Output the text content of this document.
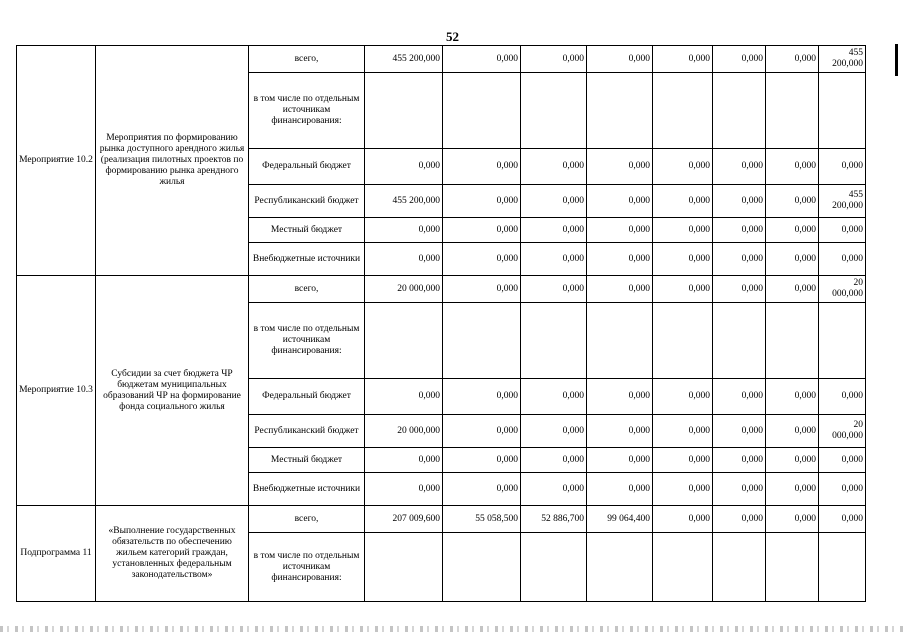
52
Мероприятие 10.2	Мероприятия по формированию рынка доступного арендного жилья (реализация пилотных проектов по формированию рынка арендного жилья	всего,	455 200,000	0,000	0,000	0,000	0,000	0,000	0,000	455 200,000
		в том числе по отдельным источникам финансирования:								
		Федеральный бюджет	0,000	0,000	0,000	0,000	0,000	0,000	0,000	0,000
		Республиканский бюджет	455 200,000	0,000	0,000	0,000	0,000	0,000	0,000	455 200,000
		Местный бюджет	0,000	0,000	0,000	0,000	0,000	0,000	0,000	0,000
		Внебюджетные источники	0,000	0,000	0,000	0,000	0,000	0,000	0,000	0,000
Мероприятие 10.3	Субсидии за счет бюджета ЧР бюджетам муниципальных образований ЧР на формирование фонда социального жилья	всего,	20 000,000	0,000	0,000	0,000	0,000	0,000	0,000	20 000,000
		в том числе по отдельным источникам финансирования:								
		Федеральный бюджет	0,000	0,000	0,000	0,000	0,000	0,000	0,000	0,000
		Республиканский бюджет	20 000,000	0,000	0,000	0,000	0,000	0,000	0,000	20 000,000
		Местный бюджет	0,000	0,000	0,000	0,000	0,000	0,000	0,000	0,000
		Внебюджетные источники	0,000	0,000	0,000	0,000	0,000	0,000	0,000	0,000
Подпрограмма 11	«Выполнение государственных обязательств по обеспечению жильем категорий граждан, установленных федеральным законодательством»	всего,	207 009,600	55 058,500	52 886,700	99 064,400	0,000	0,000	0,000	0,000
		в том числе по отдельным источникам финансирования:								
